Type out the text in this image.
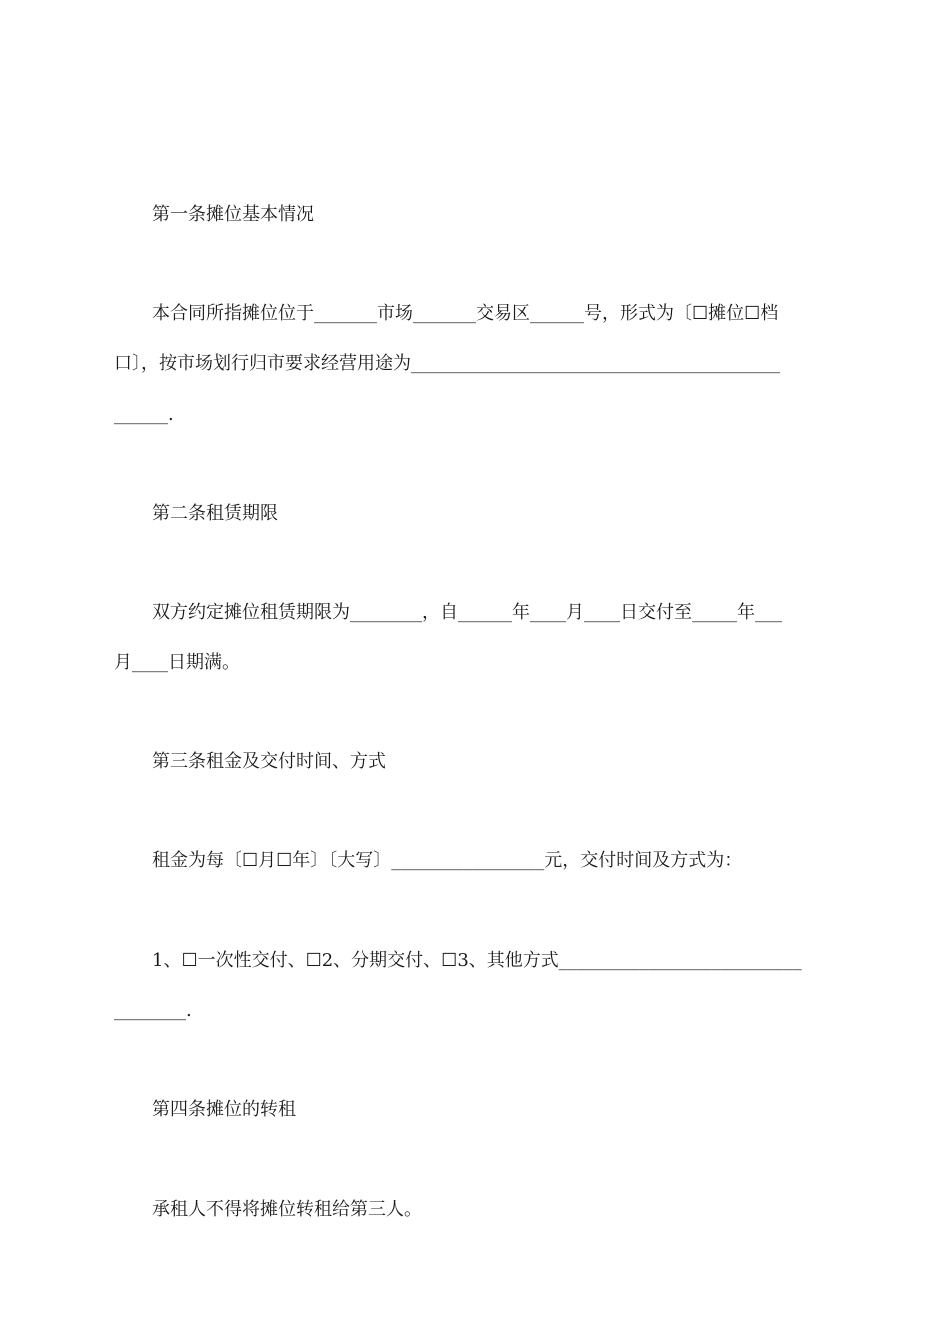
第一条摊位基本情况
本合同所指摊位位于_______市场_______交易区______号，形式为〔☐摊位☐档
口〕，按市场划行归市要求经营用途为_________________________________________
______.
第二条租赁期限
双方约定摊位租赁期限为________，自______年____月____日交付至_____年___
月____日期满。
第三条租金及交付时间、方式
租金为每〔☐月☐年〕〔大写〕_________________元，交付时间及方式为：
1、☐一次性交付、☐2、分期交付、☐3、其他方式___________________________
________.
第四条摊位的转租
承租人不得将摊位转租给第三人。
